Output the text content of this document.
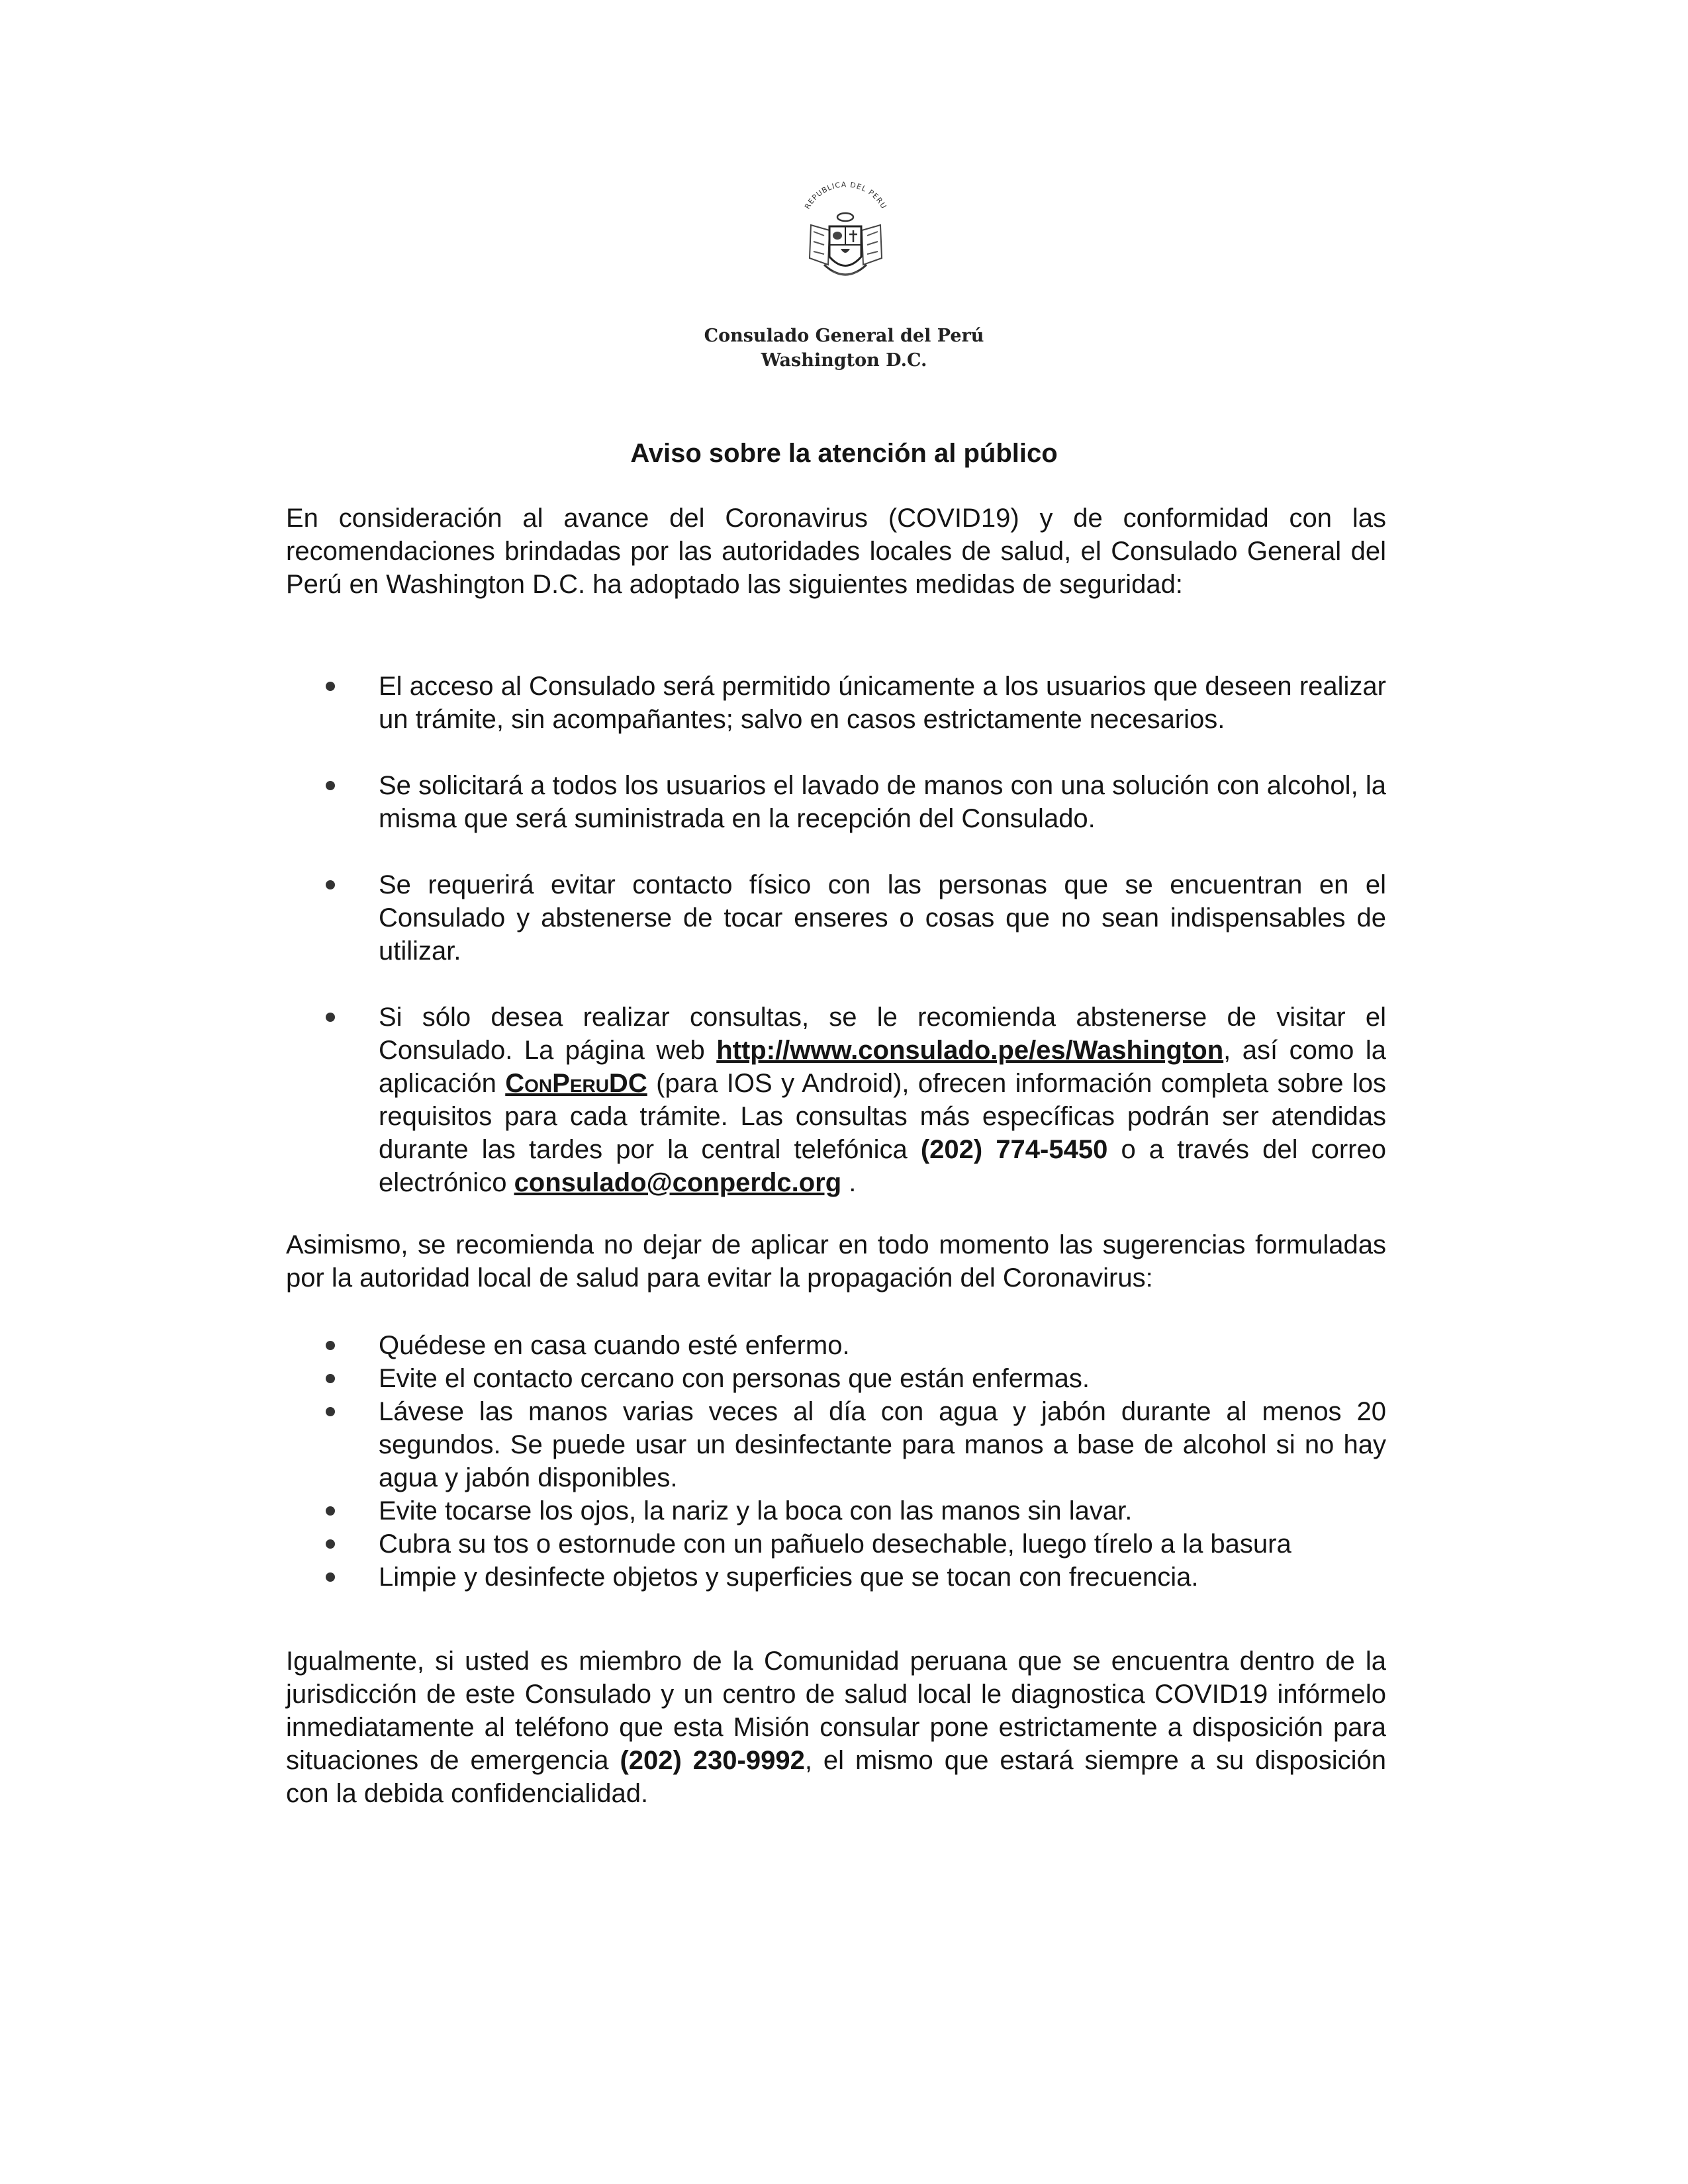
REPUBLICA DEL PERU
Consulado General del Perú
Washington D.C.
Aviso sobre la atención al público

En consideración al avance del Coronavirus (COVID19) y de conformidad con las recomendaciones brindadas por las autoridades locales de salud, el Consulado General del Perú en Washington D.C. ha adoptado las siguientes medidas de seguridad:

El acceso al Consulado será permitido únicamente a los usuarios que deseen realizar un trámite, sin acompañantes; salvo en casos estrictamente necesarios.
Se solicitará a todos los usuarios el lavado de manos con una solución con alcohol, la misma que será suministrada en la recepción del Consulado.
Se requerirá evitar contacto físico con las personas que se encuentran en el Consulado y abstenerse de tocar enseres o cosas que no sean indispensables de utilizar.
Si sólo desea realizar consultas, se le recomienda abstenerse de visitar el Consulado. La página web http://www.consulado.pe/es/Washington, así como la aplicación ConPeruDC (para IOS y Android), ofrecen información completa sobre los requisitos para cada trámite. Las consultas más específicas podrán ser atendidas durante las tardes por la central telefónica (202) 774-5450 o a través del correo electrónico consulado@conperdc.org .

Asimismo, se recomienda no dejar de aplicar en todo momento las sugerencias formuladas por la autoridad local de salud para evitar la propagación del Coronavirus:

Quédese en casa cuando esté enfermo.
Evite el contacto cercano con personas que están enfermas.
Lávese las manos varias veces al día con agua y jabón durante al menos 20 segundos. Se puede usar un desinfectante para manos a base de alcohol si no hay agua y jabón disponibles.
Evite tocarse los ojos, la nariz y la boca con las manos sin lavar.
Cubra su tos o estornude con un pañuelo desechable, luego tírelo a la basura
Limpie y desinfecte objetos y superficies que se tocan con frecuencia.

Igualmente, si usted es miembro de la Comunidad peruana que se encuentra dentro de la jurisdicción de este Consulado y un centro de salud local le diagnostica COVID19 infórmelo inmediatamente al teléfono que esta Misión consular pone estrictamente a disposición para situaciones de emergencia (202) 230-9992, el mismo que estará siempre a su disposición con la debida confidencialidad.
